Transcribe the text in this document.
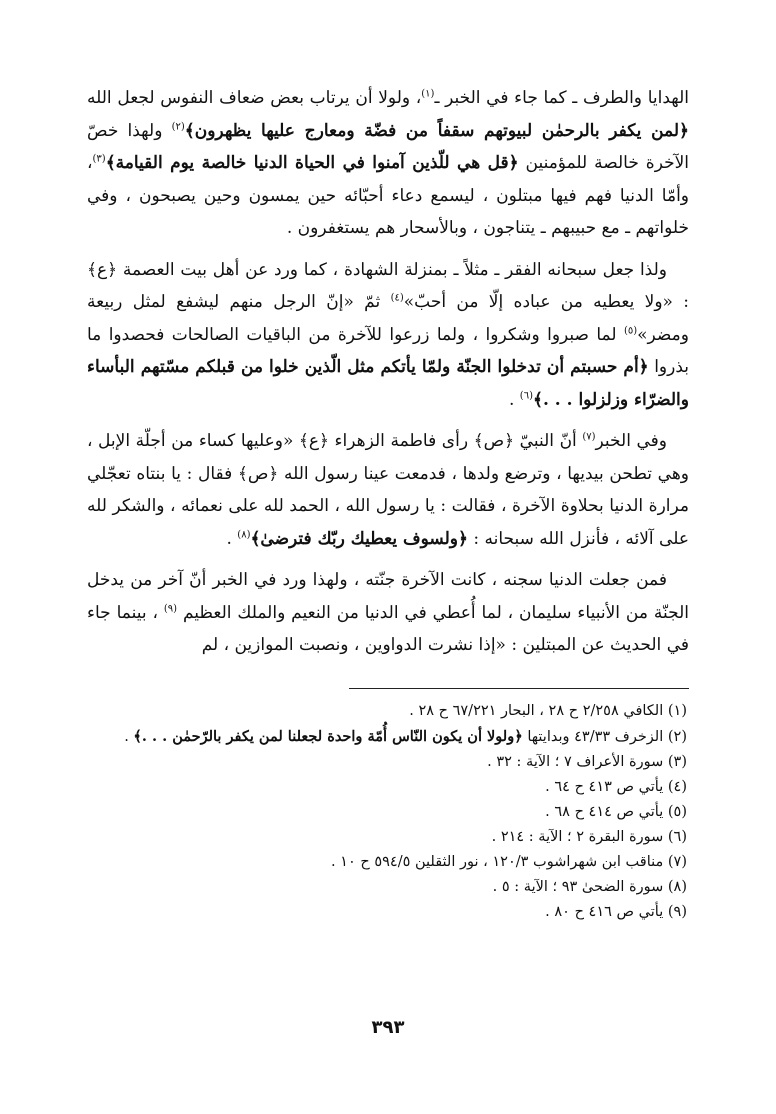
الهدايا والطرف ـ كما جاء في الخبر ـ$^{(١)}$، ولولا أن يرتاب بعض ضعاف النفوس لجعل الله ﴿لمن يكفر بالرحمٰن لبيوتهم سقفاً من فضّة ومعارج عليها يظهرون﴾$^{(٢)}$ ولهذا خصّ الآخرة خالصة للمؤمنين ﴿قل هي للّذين آمنوا في الحياة الدنيا خالصة يوم القيامة﴾$^{(٣)}$، وأمّا الدنيا فهم فيها مبتلون ، ليسمع دعاء أحبّائه حين يمسون وحين يصبحون ، وفي خلواتهم ـ مع حبيبهم ـ يتناجون ، وبالأسحار هم يستغفرون .

ولذا جعل سبحانه الفقر ـ مثلاً ـ بمنزلة الشهادة ، كما ورد عن أهل بيت العصمة ﴿ع﴾ : «ولا يعطيه من عباده إلّا من أحبّ»$^{(٤)}$ ثمّ «إنّ الرجل منهم ليشفع لمثل ربيعة ومضر»$^{(٥)}$ لما صبروا وشكروا ، ولما زرعوا للآخرة من الباقيات الصالحات فحصدوا ما بذروا ﴿أم حسبتم أن تدخلوا الجنّة ولمّا يأتكم مثل الّذين خلوا من قبلكم مسّتهم البأساء والضرّاء وزلزلوا . . .﴾$^{(٦)}$ .

وفي الخبر$^{(٧)}$ أنّ النبيّ ﴿ص﴾ رأى فاطمة الزهراء ﴿ع﴾ «وعليها كساء من أجلّة الإبل ، وهي تطحن بيديها ، وترضع ولدها ، فدمعت عينا رسول الله ﴿ص﴾ فقال : يا بنتاه تعجّلي مرارة الدنيا بحلاوة الآخرة ، فقالت : يا رسول الله ، الحمد لله على نعمائه ، والشكر لله على آلائه ، فأنزل الله سبحانه : ﴿ولسوف يعطيك ربّك فترضىٰ﴾$^{(٨)}$ .

فمن جعلت الدنيا سجنه ، كانت الآخرة جنّته ، ولهذا ورد في الخبر أنّ آخر من يدخل الجنّة من الأنبياء سليمان ، لما أُعطي في الدنيا من النعيم والملك العظيم $^{(٩)}$ ، بينما جاء في الحديث عن المبتلين : «إذا نشرت الدواوين ، ونصبت الموازين ، لم

(١) الكافي ٢/٢٥٨ ح ٢٨ ، البحار ٦٧/٢٢١ ح ٢٨ .
(٢) الزخرف ٤٣/٣٣ وبدايتها ﴿ولولا أن يكون النّاس أُمّة واحدة لجعلنا لمن يكفر بالرّحمٰن . . .﴾ .
(٣) سورة الأعراف ٧ ؛ الآية : ٣٢ .
(٤) يأتي ص ٤١٣ ح ٦٤ .
(٥) يأتي ص ٤١٤ ح ٦٨ .
(٦) سورة البقرة ٢ ؛ الآية : ٢١٤ .
(٧) مناقب ابن شهراشوب ١٢٠/٣ ، نور الثقلين ٥٩٤/٥ ح ١٠ .
(٨) سورة الضحىٰ ٩٣ ؛ الآية : ٥ .
(٩) يأتي ص ٤١٦ ح ٨٠ .
٣٩٣
